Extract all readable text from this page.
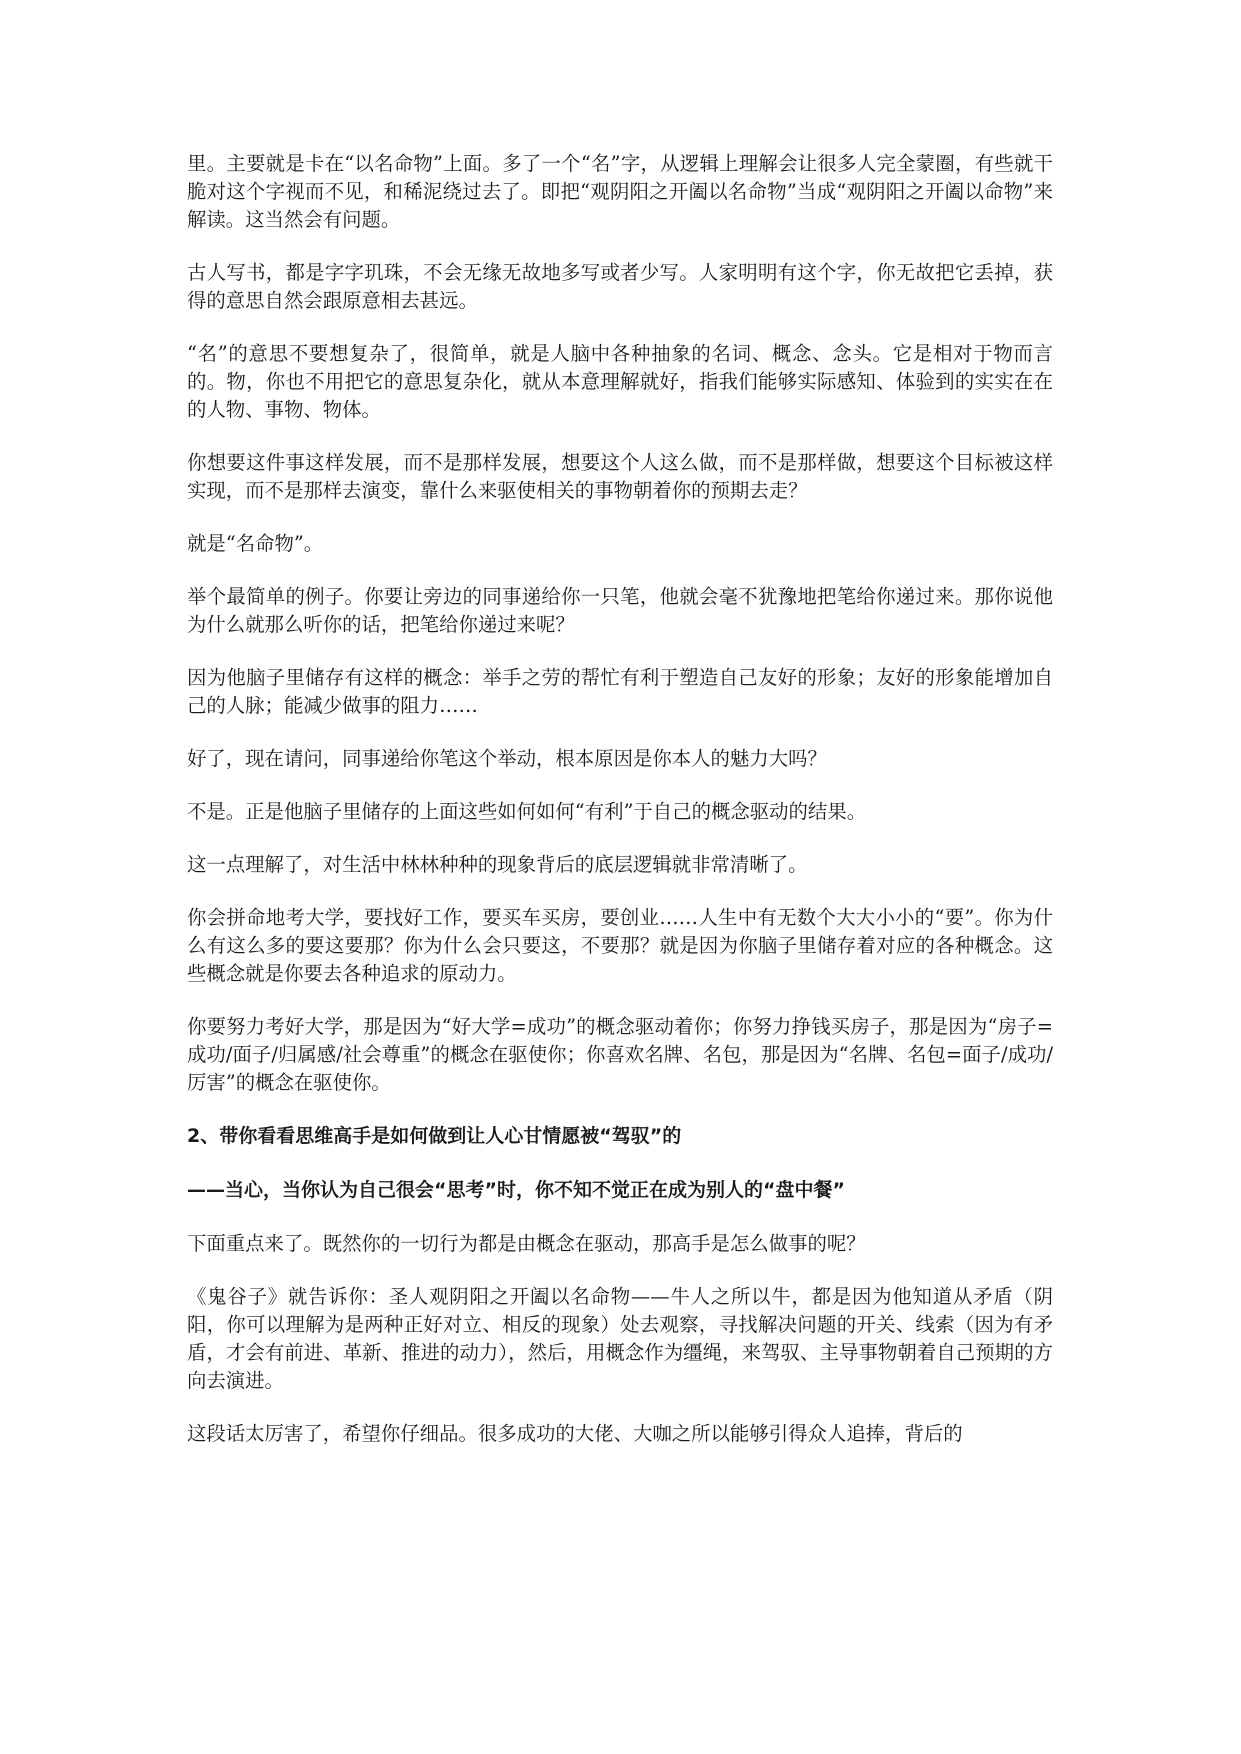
里。主要就是卡在“以名命物”上面。多了一个“名”字，从逻辑上理解会让很多人完全蒙圈，有些就干脆对这个字视而不见，和稀泥绕过去了。即把“观阴阳之开阖以名命物”当成“观阴阳之开阖以命物”来解读。这当然会有问题。

古人写书，都是字字玑珠，不会无缘无故地多写或者少写。人家明明有这个字，你无故把它丢掉，获得的意思自然会跟原意相去甚远。

“名”的意思不要想复杂了，很简单，就是人脑中各种抽象的名词、概念、念头。它是相对于物而言的。物，你也不用把它的意思复杂化，就从本意理解就好，指我们能够实际感知、体验到的实实在在的人物、事物、物体。

你想要这件事这样发展，而不是那样发展，想要这个人这么做，而不是那样做，想要这个目标被这样实现，而不是那样去演变，靠什么来驱使相关的事物朝着你的预期去走？

就是“名命物”。

举个最简单的例子。你要让旁边的同事递给你一只笔，他就会毫不犹豫地把笔给你递过来。那你说他为什么就那么听你的话，把笔给你递过来呢？

因为他脑子里储存有这样的概念：举手之劳的帮忙有利于塑造自己友好的形象；友好的形象能增加自己的人脉；能减少做事的阻力……

好了，现在请问，同事递给你笔这个举动，根本原因是你本人的魅力大吗？

不是。正是他脑子里储存的上面这些如何如何“有利”于自己的概念驱动的结果。

这一点理解了，对生活中林林种种的现象背后的底层逻辑就非常清晰了。

你会拼命地考大学，要找好工作，要买车买房，要创业……人生中有无数个大大小小的“要”。你为什么有这么多的要这要那？你为什么会只要这，不要那？就是因为你脑子里储存着对应的各种概念。这些概念就是你要去各种追求的原动力。

你要努力考好大学，那是因为“好大学=成功”的概念驱动着你；你努力挣钱买房子，那是因为“房子=成功/面子/归属感/社会尊重”的概念在驱使你；你喜欢名牌、名包，那是因为“名牌、名包=面子/成功/厉害”的概念在驱使你。

2、带你看看思维高手是如何做到让人心甘情愿被“驾驭”的

——当心，当你认为自己很会“思考”时，你不知不觉正在成为别人的“盘中餐”

下面重点来了。既然你的一切行为都是由概念在驱动，那高手是怎么做事的呢？

《鬼谷子》就告诉你：圣人观阴阳之开阖以名命物——牛人之所以牛，都是因为他知道从矛盾（阴阳，你可以理解为是两种正好对立、相反的现象）处去观察，寻找解决问题的开关、线索（因为有矛盾，才会有前进、革新、推进的动力），然后，用概念作为缰绳，来驾驭、主导事物朝着自己预期的方向去演进。

这段话太厉害了，希望你仔细品。很多成功的大佬、大咖之所以能够引得众人追捧，背后的
